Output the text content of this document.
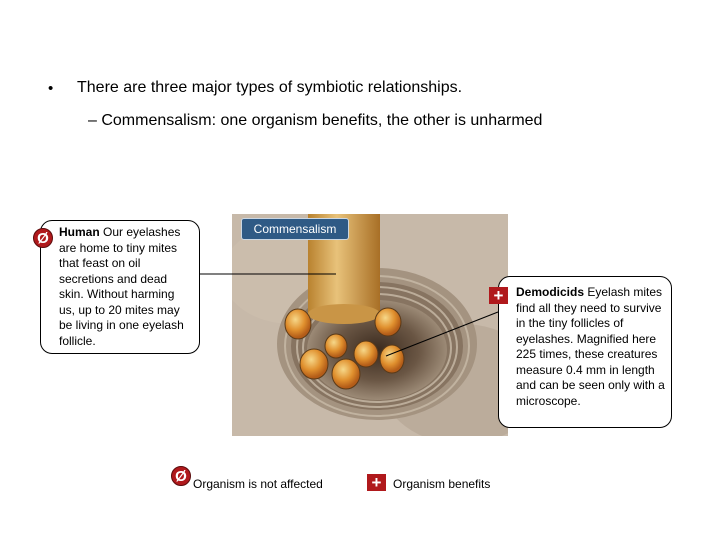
• There are three major types of symbiotic relationships.
– Commensalism: one organism benefits, the other is unharmed
Commensalism
Human Our eyelashes are home to tiny mites that feast on oil secretions and dead skin. Without harming us, up to 20 mites may be living in one eyelash follicle.
Ø
Demodicids Eyelash mites find all they need to survive in the tiny follicles of eyelashes. Magnified here 225 times, these creatures measure 0.4 mm in length and can be seen only with a microscope.
+
Ø Organism is not affected	+ Organism benefits
